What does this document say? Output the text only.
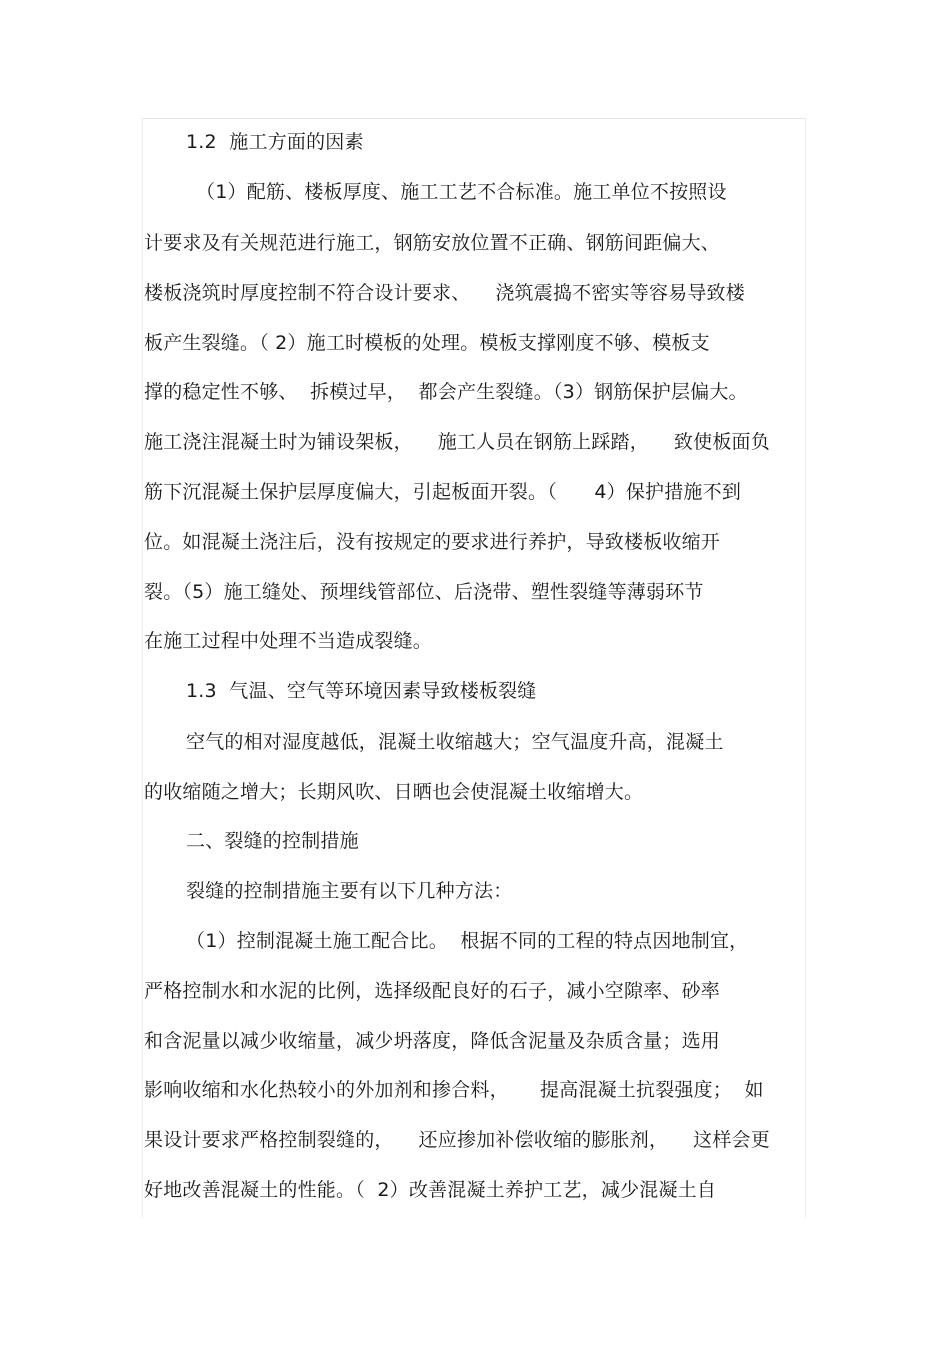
1.2  施工方面的因素
（1）配筋、楼板厚度、施工工艺不合标准。施工单位不按照设
计要求及有关规范进行施工，钢筋安放位置不正确、钢筋间距偏大、
楼板浇筑时厚度控制不符合设计要求、    浇筑震捣不密实等容易导致楼
板产生裂缝。（ 2）施工时模板的处理。模板支撑刚度不够、模板支
撑的稳定性不够、  拆模过早，  都会产生裂缝。（3）钢筋保护层偏大。
施工浇注混凝土时为铺设架板，    施工人员在钢筋上踩踏，    致使板面负
筋下沉混凝土保护层厚度偏大，引起板面开裂。（      4）保护措施不到
位。如混凝土浇注后，没有按规定的要求进行养护，导致楼板收缩开
裂。（5）施工缝处、预埋线管部位、后浇带、塑性裂缝等薄弱环节
在施工过程中处理不当造成裂缝。
1.3  气温、空气等环境因素导致楼板裂缝
空气的相对湿度越低，混凝土收缩越大；空气温度升高，混凝土
的收缩随之增大；长期风吹、日晒也会使混凝土收缩增大。
二、裂缝的控制措施
裂缝的控制措施主要有以下几种方法：
（1）控制混凝土施工配合比。  根据不同的工程的特点因地制宜，
严格控制水和水泥的比例，选择级配良好的石子，减小空隙率、砂率
和含泥量以减少收缩量，减少坍落度，降低含泥量及杂质含量；选用
影响收缩和水化热较小的外加剂和掺合料，     提高混凝土抗裂强度；  如
果设计要求严格控制裂缝的，    还应掺加补偿收缩的膨胀剂，    这样会更
好地改善混凝土的性能。（  2）改善混凝土养护工艺，减少混凝土自
